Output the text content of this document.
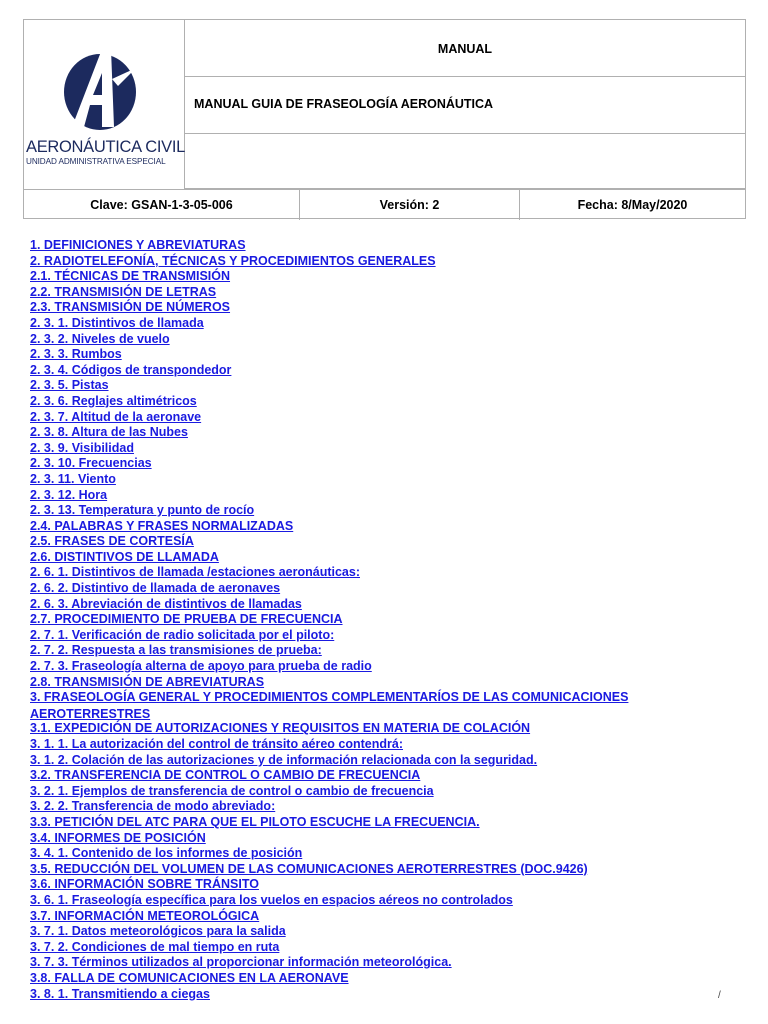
AERONÁUTICA CIVIL
UNIDAD ADMINISTRATIVA ESPECIAL
MANUAL
MANUAL GUIA DE FRASEOLOGÍA AERONÁUTICA
Clave: GSAN-1-3-05-006	Versión: 2	Fecha: 8/May/2020
1. DEFINICIONES Y ABREVIATURAS
2. RADIOTELEFONÍA, TÉCNICAS Y PROCEDIMIENTOS GENERALES
2.1. TÉCNICAS DE TRANSMISIÓN
2.2. TRANSMISIÓN DE LETRAS
2.3. TRANSMISIÓN DE NÚMEROS
2. 3. 1. Distintivos de llamada
2. 3. 2. Niveles de vuelo
2. 3. 3. Rumbos
2. 3. 4. Códigos de transpondedor
2. 3. 5. Pistas
2. 3. 6. Reglajes altimétricos
2. 3. 7. Altitud de la aeronave
2. 3. 8. Altura de las Nubes
2. 3. 9. Visibilidad
2. 3. 10. Frecuencias
2. 3. 11. Viento
2. 3. 12. Hora
2. 3. 13. Temperatura y punto de rocío
2.4. PALABRAS Y FRASES NORMALIZADAS
2.5. FRASES DE CORTESÍA
2.6. DISTINTIVOS DE LLAMADA
2. 6. 1. Distintivos de llamada /estaciones aeronáuticas:
2. 6. 2. Distintivo de llamada de aeronaves
2. 6. 3. Abreviación de distintivos de llamadas
2.7. PROCEDIMIENTO DE PRUEBA DE FRECUENCIA
2. 7. 1. Verificación de radio solicitada por el piloto:
2. 7. 2. Respuesta a las transmisiones de prueba:
2. 7. 3. Fraseología alterna de apoyo para prueba de radio
2.8. TRANSMISIÓN DE ABREVIATURAS
3. FRASEOLOGÍA GENERAL Y PROCEDIMIENTOS COMPLEMENTARÍOS DE LAS COMUNICACIONES AEROTERRESTRES
3.1. EXPEDICIÓN DE AUTORIZACIONES Y REQUISITOS EN MATERIA DE COLACIÓN
3. 1. 1. La autorización del control de tránsito aéreo contendrá:
3. 1. 2. Colación de las autorizaciones y de información relacionada con la seguridad.
3.2. TRANSFERENCIA DE CONTROL O CAMBIO DE FRECUENCIA
3. 2. 1. Ejemplos de transferencia de control o cambio de frecuencia
3. 2. 2. Transferencia de modo abreviado:
3.3. PETICIÓN DEL ATC PARA QUE EL PILOTO ESCUCHE LA FRECUENCIA.
3.4. INFORMES DE POSICIÓN
3. 4. 1. Contenido de los informes de posición
3.5. REDUCCIÓN DEL VOLUMEN DE LAS COMUNICACIONES AEROTERRESTRES (DOC.9426)
3.6. INFORMACIÓN SOBRE TRÁNSITO
3. 6. 1. Fraseología específica para los vuelos en espacios aéreos no controlados
3.7. INFORMACIÓN METEOROLÓGICA
3. 7. 1. Datos meteorológicos para la salida
3. 7. 2. Condiciones de mal tiempo en ruta
3. 7. 3. Términos utilizados al proporcionar información meteorológica.
3.8. FALLA DE COMUNICACIONES EN LA AERONAVE
3. 8. 1. Transmitiendo a ciegas	/
